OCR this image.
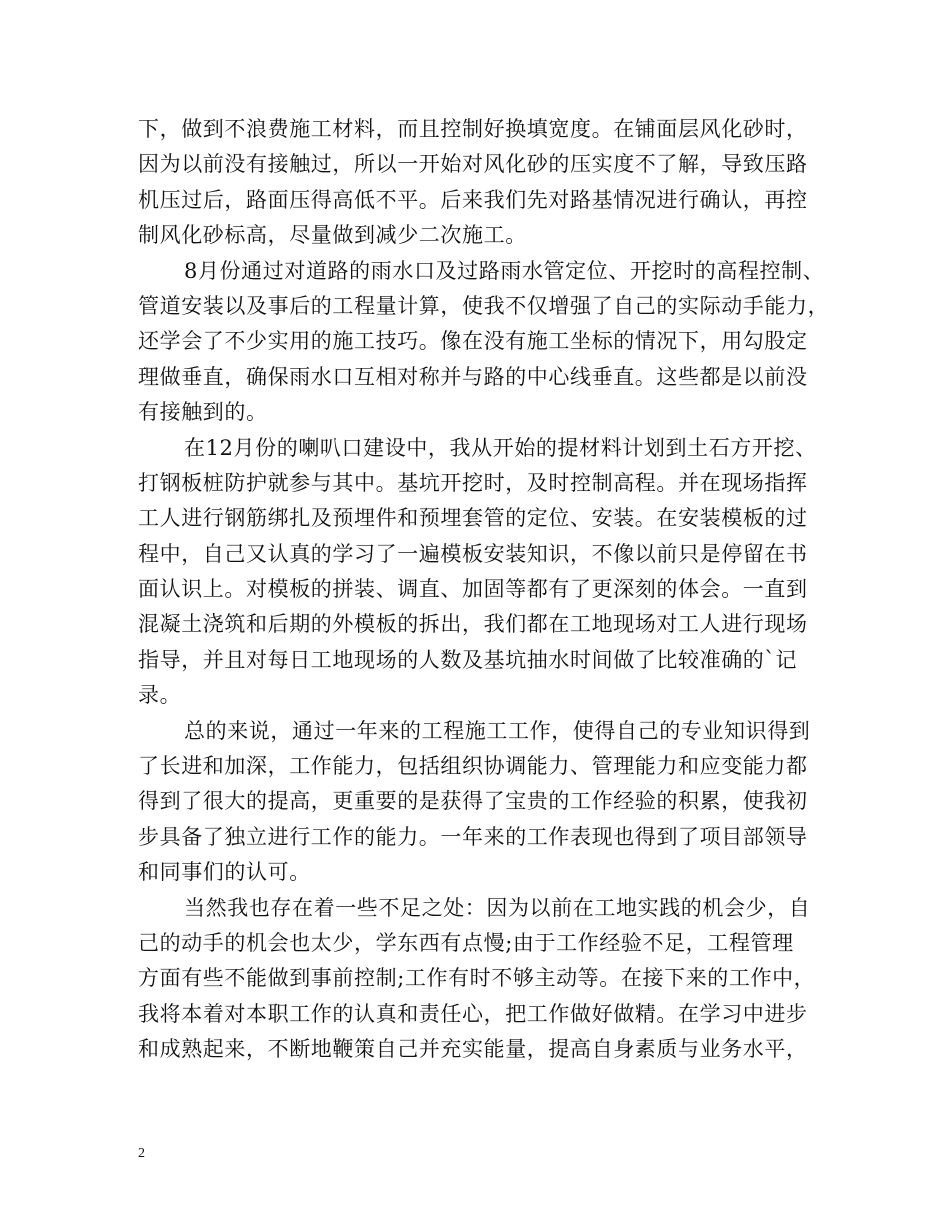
下，做到不浪费施工材料，而且控制好换填宽度。在铺面层风化砂时，
因为以前没有接触过，所以一开始对风化砂的压实度不了解，导致压路
机压过后，路面压得高低不平。后来我们先对路基情况进行确认，再控
制风化砂标高，尽量做到减少二次施工。
8月份通过对道路的雨水口及过路雨水管定位、开挖时的高程控制、
管道安装以及事后的工程量计算，使我不仅增强了自己的实际动手能力，
还学会了不少实用的施工技巧。像在没有施工坐标的情况下，用勾股定
理做垂直，确保雨水口互相对称并与路的中心线垂直。这些都是以前没
有接触到的。
在12月份的喇叭口建设中，我从开始的提材料计划到土石方开挖、
打钢板桩防护就参与其中。基坑开挖时，及时控制高程。并在现场指挥
工人进行钢筋绑扎及预埋件和预埋套管的定位、安装。在安装模板的过
程中，自己又认真的学习了一遍模板安装知识，不像以前只是停留在书
面认识上。对模板的拼装、调直、加固等都有了更深刻的体会。一直到
混凝土浇筑和后期的外模板的拆出，我们都在工地现场对工人进行现场
指导，并且对每日工地现场的人数及基坑抽水时间做了比较准确的`记
录。
总的来说，通过一年来的工程施工工作，使得自己的专业知识得到
了长进和加深，工作能力，包括组织协调能力、管理能力和应变能力都
得到了很大的提高，更重要的是获得了宝贵的工作经验的积累，使我初
步具备了独立进行工作的能力。一年来的工作表现也得到了项目部领导
和同事们的认可。
当然我也存在着一些不足之处：因为以前在工地实践的机会少，自
己的动手的机会也太少，学东西有点慢;由于工作经验不足，工程管理
方面有些不能做到事前控制;工作有时不够主动等。在接下来的工作中，
我将本着对本职工作的认真和责任心，把工作做好做精。在学习中进步
和成熟起来，不断地鞭策自己并充实能量，提高自身素质与业务水平，
2
